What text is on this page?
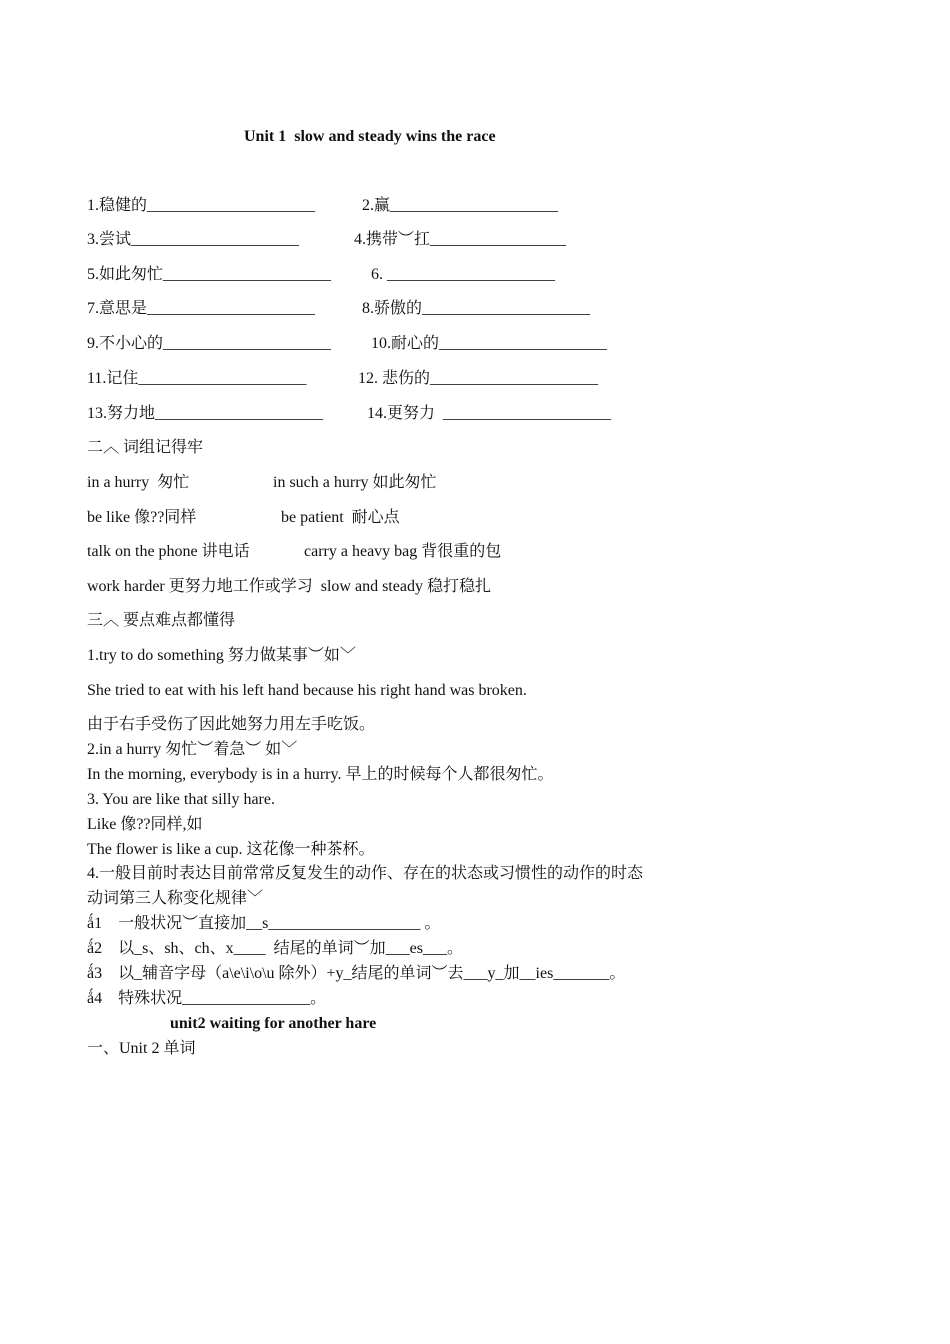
Unit 1  slow and steady wins the race
1.稳健的_____________________	2.赢_____________________
3.尝试_____________________	4.携带︶扛_________________
5.如此匆忙_____________________ 6. _____________________
7.意思是_____________________	8.骄傲的_____________________
9.不小心的_____________________ 10.耐心的_____________________
11.记住_____________________	12. 悲伤的_____________________
13.努力地_____________________	14.更努力  _____________________
二︿ 词组记得牢
in a hurry  匆忙	in such a hurry 如此匆忙
be like 像??同样	be patient  耐心点
talk on the phone 讲电话	carry a heavy bag 背很重的包
work harder 更努力地工作或学习  slow and steady 稳打稳扎
三︿ 要点难点都懂得
1.try to do something 努力做某事︶如﹀
She tried to eat with his left hand because his right hand was broken.
由于右手受伤了因此她努力用左手吃饭。
2.in a hurry 匆忙︶着急︶ 如﹀
In the morning, everybody is in a hurry. 早上的时候每个人都很匆忙。
3. You are like that silly hare.
Like 像??同样,如
The flower is like a cup. 这花像一种茶杯。
4.一般目前时表达目前常常反复发生的动作、存在的状态或习惯性的动作的时态
动词第三人称变化规律﹀
ǻ1    一般状况︶直接加__s___________________ 。
ǻ2    以_s、sh、ch、x____  结尾的单词︶加___es___。
ǻ3    以_辅音字母（a\e\i\o\u 除外）+y_结尾的单词︶去___y_加__ies_______。
ǻ4    特殊状况________________。
unit2 waiting for another hare
一、Unit 2 单词
